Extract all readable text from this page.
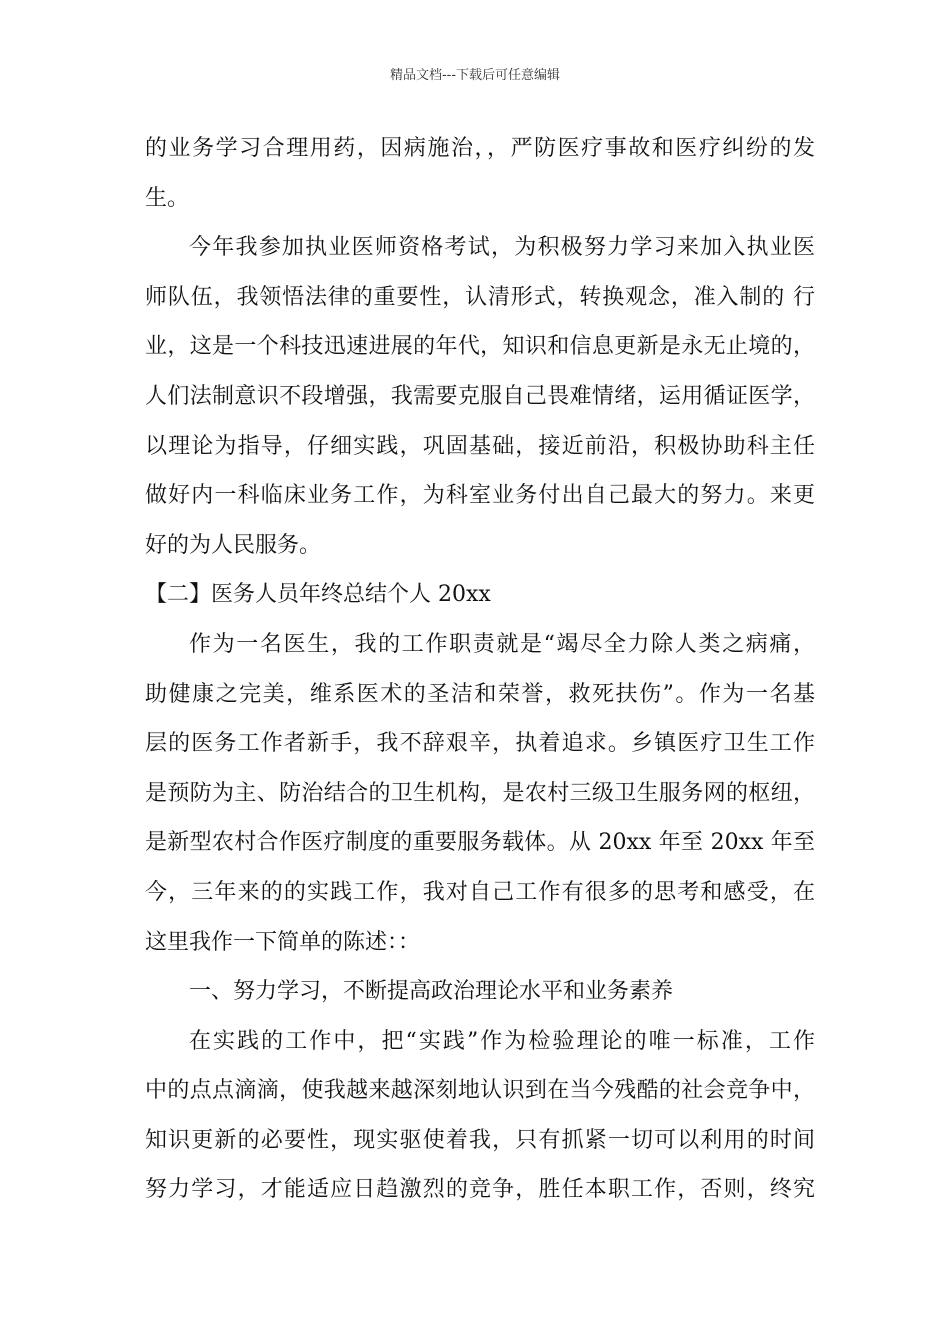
精品文档---下载后可任意编辑
的业务学习合理用药，因病施治，，严防医疗事故和医疗纠纷的发
生。
今年我参加执业医师资格考试，为积极努力学习来加入执业医
师队伍，我领悟法律的重要性，认清形式，转换观念，准入制的 行
业，这是一个科技迅速进展的年代，知识和信息更新是永无止境的，
人们法制意识不段增强，我需要克服自己畏难情绪，运用循证医学，
以理论为指导，仔细实践，巩固基础，接近前沿，积极协助科主任
做好内一科临床业务工作，为科室业务付出自己最大的努力。来更
好的为人民服务。
【二】医务人员年终总结个人 20xx
作为一名医生，我的工作职责就是“竭尽全力除人类之病痛，
助健康之完美，维系医术的圣洁和荣誉，救死扶伤”。作为一名基
层的医务工作者新手，我不辞艰辛，执着追求。乡镇医疗卫生工作
是预防为主、防治结合的卫生机构，是农村三级卫生服务网的枢纽，
是新型农村合作医疗制度的重要服务载体。从 20xx 年至 20xx 年至
今，三年来的的实践工作，我对自己工作有很多的思考和感受，在
这里我作一下简单的陈述：：
一、努力学习，不断提高政治理论水平和业务素养
在实践的工作中，把“实践”作为检验理论的唯一标准，工作
中的点点滴滴，使我越来越深刻地认识到在当今残酷的社会竞争中，
知识更新的必要性，现实驱使着我，只有抓紧一切可以利用的时间
努力学习，才能适应日趋激烈的竞争，胜任本职工作，否则，终究
